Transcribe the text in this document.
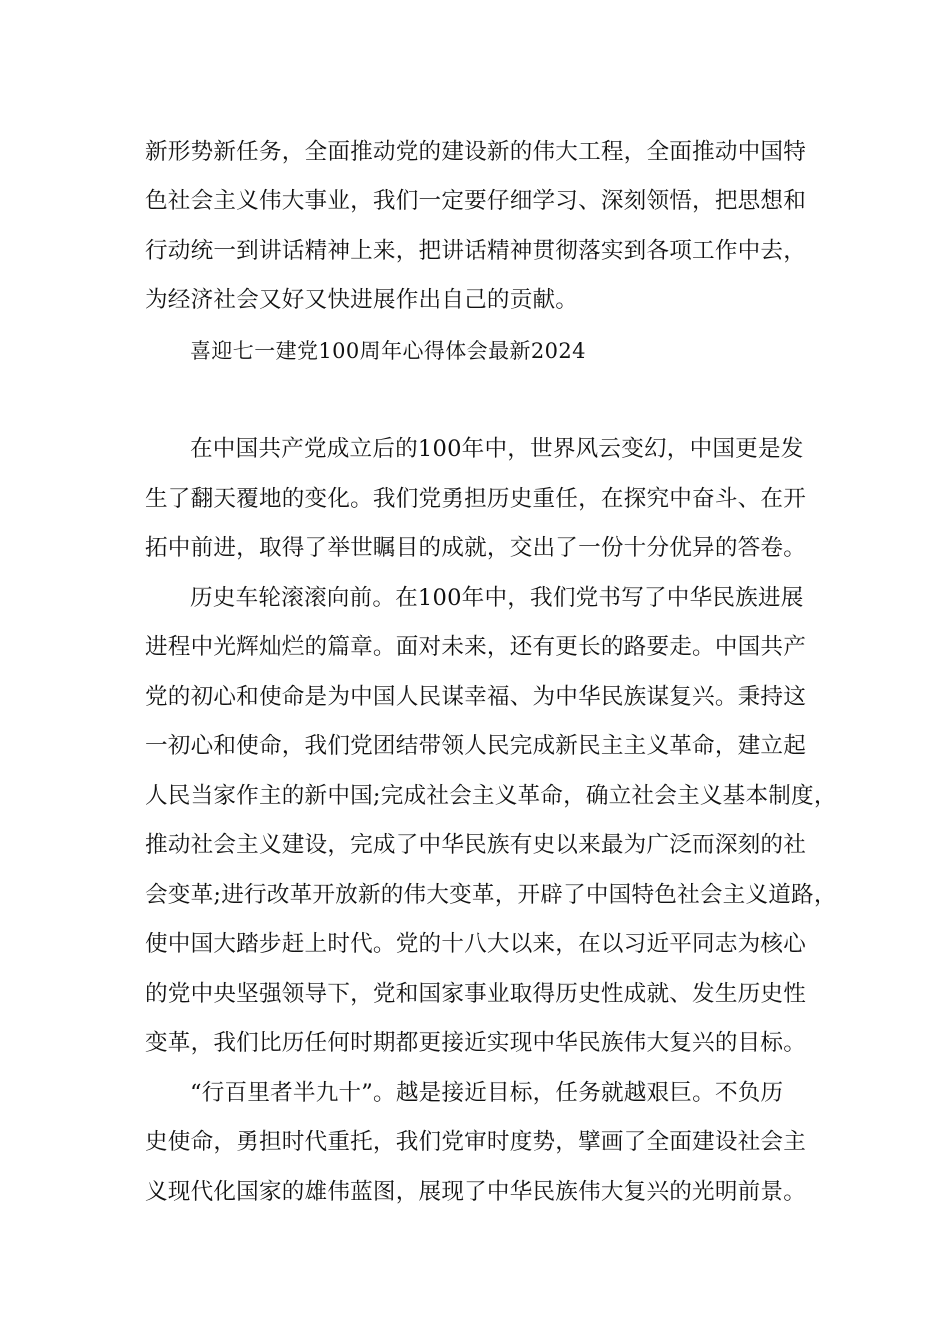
新形势新任务，全面推动党的建设新的伟大工程，全面推动中国特
色社会主义伟大事业，我们一定要仔细学习、深刻领悟，把思想和
行动统一到讲话精神上来，把讲话精神贯彻落实到各项工作中去，
为经济社会又好又快进展作出自己的贡献。
喜迎七一建党100周年心得体会最新2024
在中国共产党成立后的100年中，世界风云变幻，中国更是发
生了翻天覆地的变化。我们党勇担历史重任，在探究中奋斗、在开
拓中前进，取得了举世瞩目的成就，交出了一份十分优异的答卷。
历史车轮滚滚向前。在100年中，我们党书写了中华民族进展
进程中光辉灿烂的篇章。面对未来，还有更长的路要走。中国共产
党的初心和使命是为中国人民谋幸福、为中华民族谋复兴。秉持这
一初心和使命，我们党团结带领人民完成新民主主义革命，建立起
人民当家作主的新中国;完成社会主义革命，确立社会主义基本制度，
推动社会主义建设，完成了中华民族有史以来最为广泛而深刻的社
会变革;进行改革开放新的伟大变革，开辟了中国特色社会主义道路，
使中国大踏步赶上时代。党的十八大以来，在以习近平同志为核心
的党中央坚强领导下，党和国家事业取得历史性成就、发生历史性
变革，我们比历任何时期都更接近实现中华民族伟大复兴的目标。
“行百里者半九十”。越是接近目标，任务就越艰巨。不负历
史使命，勇担时代重托，我们党审时度势，擘画了全面建设社会主
义现代化国家的雄伟蓝图，展现了中华民族伟大复兴的光明前景。
